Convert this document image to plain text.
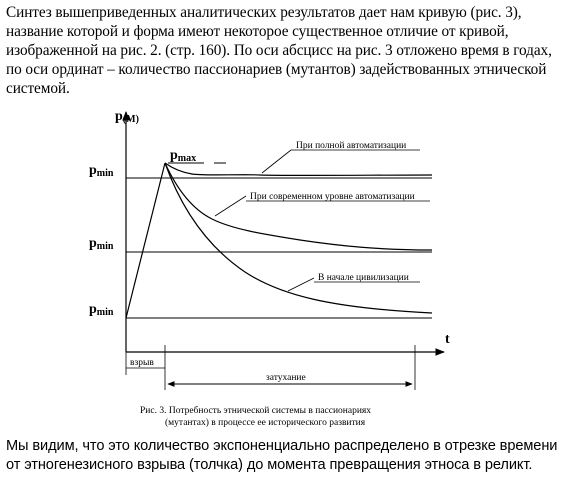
Синтез вышеприведенных аналитических результатов дает нам кривую (рис. 3), название которой и форма имеют некоторое существенное отличие от кривой, изображенной на рис. 2. (стр. 160). По оси абсцисс на рис. 3 отложено время в годах, по оси ординат – количество пассионариев (мутантов) задействованных этнической системой.

p(M)
t
pmax
pmin
pmin
pmin
При полной автоматизации
При современном уровне автоматизации
В начале цивилизации
взрыв
затухание
Рис. 3. Потребность этнической системы в пассионариях
(мутантах) в процессе ее исторического развития

Мы видим, что это количество экспоненциально распределено в отрезке времени от этногенезисного взрыва (толчка) до момента превращения этноса в реликт.
